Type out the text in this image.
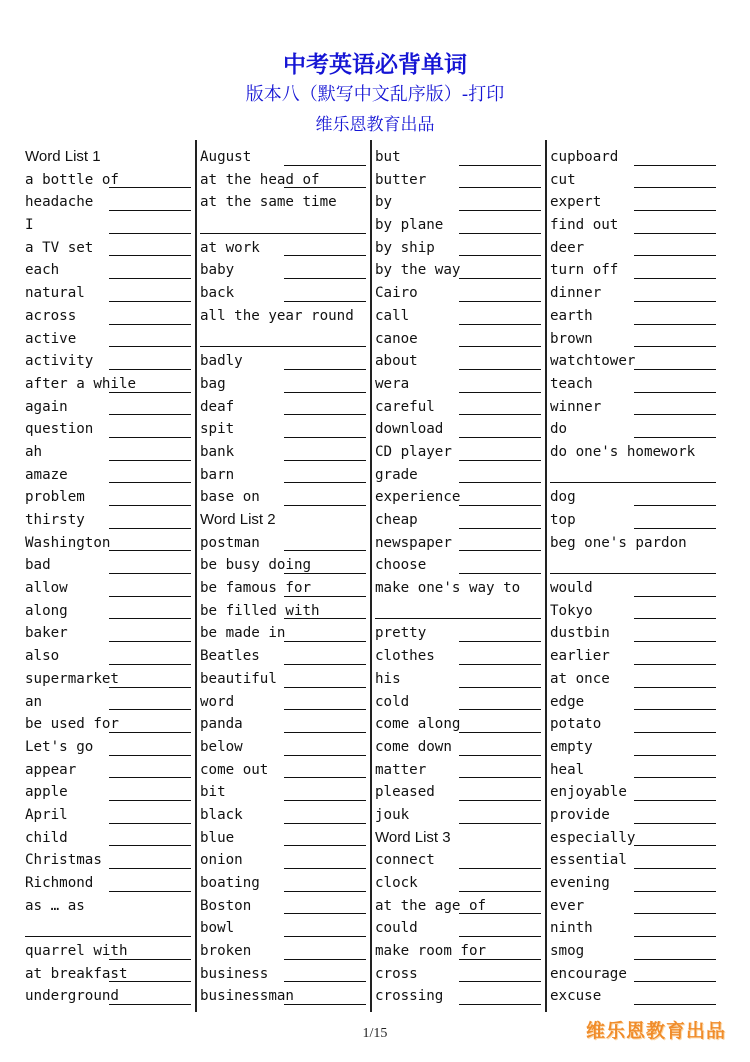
中考英语必背单词
版本八（默写中文乱序版）-打印
维乐恩教育出品
Word List 1
a bottle of
headache
I
a TV set
each
natural
across
active
activity
after a while
again
question
ah
amaze
problem
thirsty
Washington
bad
allow
along
baker
also
supermarket
an
be used for
Let's go
appear
apple
April
child
Christmas
Richmond
as … as
quarrel with
at breakfast
underground
August
at the head of
at the same time
at work
baby
back
all the year round
badly
bag
deaf
spit
bank
barn
base on
Word List 2
postman
be busy doing
be famous for
be filled with
be made in
Beatles
beautiful
word
panda
below
come out
bit
black
blue
onion
boating
Boston
bowl
broken
business
businessman
but
butter
by
by plane
by ship
by the way
Cairo
call
canoe
about
wera
careful
download
CD player
grade
experience
cheap
newspaper
choose
make one's way to
pretty
clothes
his
cold
come along
come down
matter
pleased
jouk
Word List 3
connect
clock
at the age of
could
make room for
cross
crossing
cupboard
cut
expert
find out
deer
turn off
dinner
earth
brown
watchtower
teach
winner
do
do one's homework
dog
top
beg one's pardon
would
Tokyo
dustbin
earlier
at once
edge
potato
empty
heal
enjoyable
provide
especially
essential
evening
ever
ninth
smog
encourage
excuse
1/15	维乐恩教育出品
